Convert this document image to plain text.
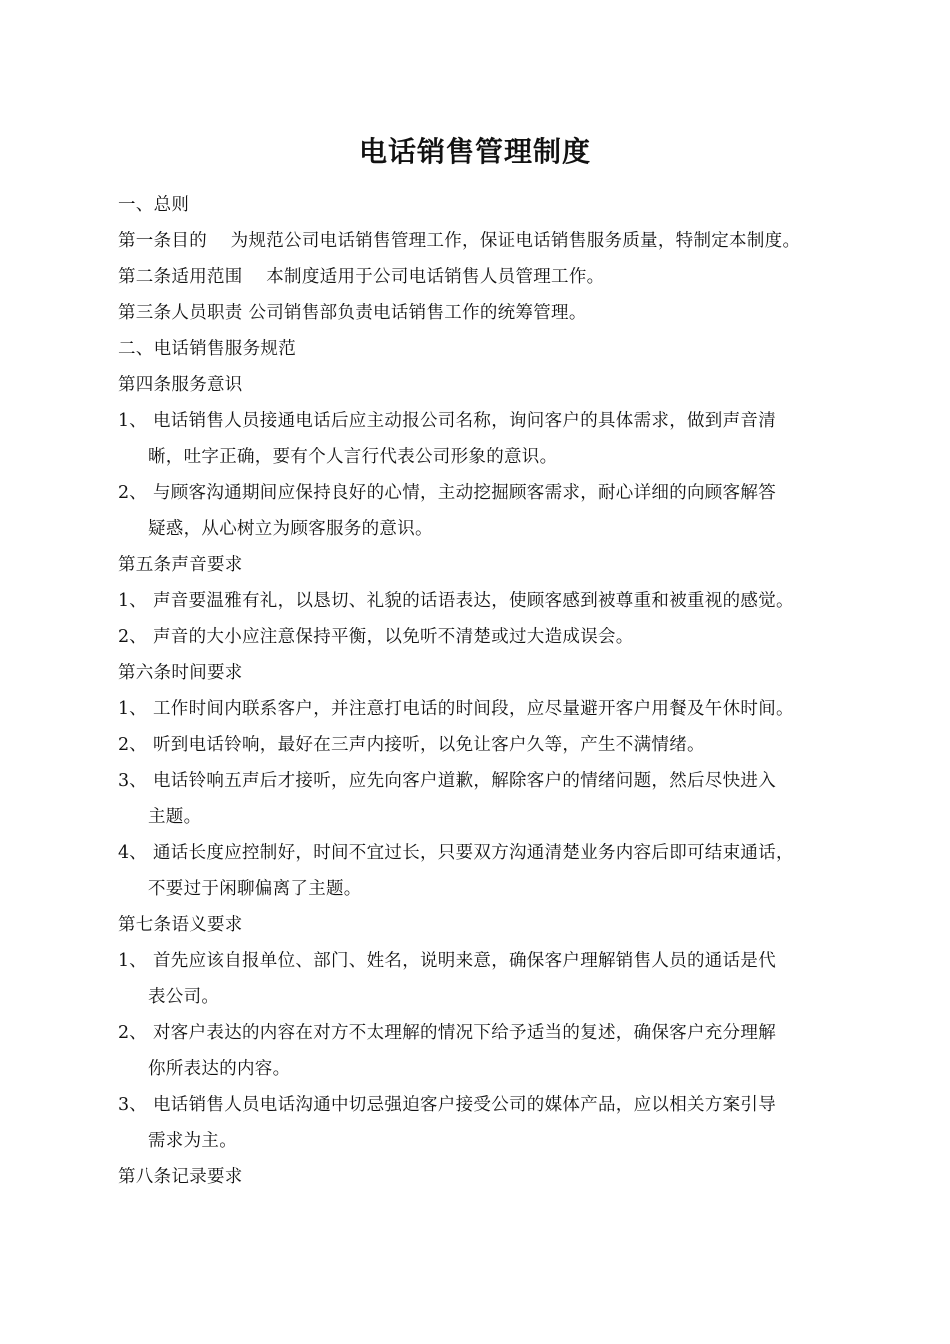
电话销售管理制度
一、总则
第一条目的　 为规范公司电话销售管理工作，保证电话销售服务质量，特制定本制度。
第二条适用范围　 本制度适用于公司电话销售人员管理工作。
第三条人员职责 公司销售部负责电话销售工作的统筹管理。
二、电话销售服务规范
第四条服务意识
1、 电话销售人员接通电话后应主动报公司名称，询问客户的具体需求，做到声音清
晰，吐字正确，要有个人言行代表公司形象的意识。
2、 与顾客沟通期间应保持良好的心情，主动挖掘顾客需求，耐心详细的向顾客解答
疑惑，从心树立为顾客服务的意识。
第五条声音要求
1、 声音要温雅有礼，以恳切、礼貌的话语表达，使顾客感到被尊重和被重视的感觉。
2、 声音的大小应注意保持平衡，以免听不清楚或过大造成误会。
第六条时间要求
1、 工作时间内联系客户，并注意打电话的时间段，应尽量避开客户用餐及午休时间。
2、 听到电话铃响，最好在三声内接听，以免让客户久等，产生不满情绪。
3、 电话铃响五声后才接听，应先向客户道歉，解除客户的情绪问题，然后尽快进入
主题。
4、 通话长度应控制好，时间不宜过长，只要双方沟通清楚业务内容后即可结束通话，
不要过于闲聊偏离了主题。
第七条语义要求
1、 首先应该自报单位、部门、姓名，说明来意，确保客户理解销售人员的通话是代
表公司。
2、 对客户表达的内容在对方不太理解的情况下给予适当的复述，确保客户充分理解
你所表达的内容。
3、 电话销售人员电话沟通中切忌强迫客户接受公司的媒体产品，应以相关方案引导
需求为主。
第八条记录要求
